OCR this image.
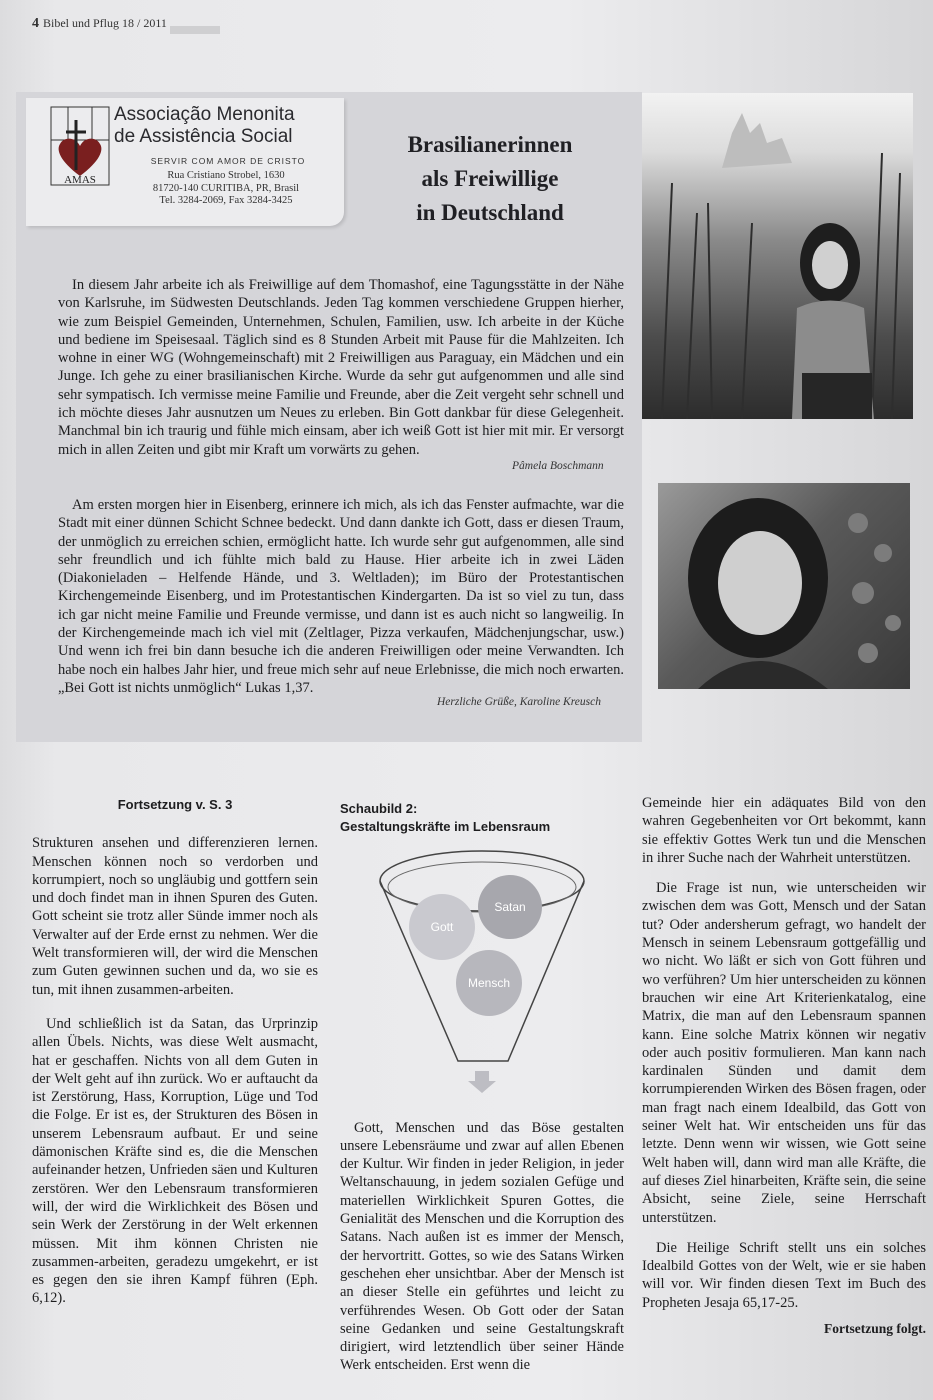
4 Bibel und Pflug 18 / 2011
AMAS
Associação Menonita
de Assistência Social
SERVIR COM AMOR DE CRISTO
Rua Cristiano Strobel, 1630
81720-140 CURITIBA, PR, Brasil
Tel. 3284-2069, Fax 3284-3425
Brasilianerinnen
als Freiwillige
in Deutschland
In diesem Jahr arbeite ich als Freiwillige auf dem Thomashof, eine Tagungsstätte in der Nähe von Karlsruhe, im Südwesten Deutschlands. Jeden Tag kommen verschiedene Gruppen hierher, wie zum Beispiel Gemeinden, Unternehmen, Schulen, Familien, usw. Ich arbeite in der Küche und bediene im Speisesaal. Täglich sind es 8 Stunden Arbeit mit Pause für die Mahlzeiten. Ich wohne in einer WG (Wohngemeinschaft) mit 2 Freiwilligen aus Paraguay, ein Mädchen und ein Junge. Ich gehe zu einer brasilianischen Kirche. Wurde da sehr gut aufgenommen und alle sind sehr sympatisch. Ich vermisse meine Familie und Freunde, aber die Zeit vergeht sehr schnell und ich möchte dieses Jahr ausnutzen um Neues zu erleben. Bin Gott dankbar für diese Gelegenheit. Manchmal bin ich traurig und fühle mich einsam, aber ich weiß Gott ist hier mit mir. Er versorgt mich in allen Zeiten und gibt mir Kraft um vorwärts zu gehen.
Pâmela Boschmann
Am ersten morgen hier in Eisenberg, erinnere ich mich, als ich das Fenster aufmachte, war die Stadt mit einer dünnen Schicht Schnee bedeckt. Und dann dankte ich Gott, dass er diesen Traum, der unmöglich zu erreichen schien, ermöglicht hatte. Ich wurde sehr gut aufgenommen, alle sind sehr freundlich und ich fühlte mich bald zu Hause. Hier arbeite ich in zwei Läden (Diakonieladen – Helfende Hände, und 3. Weltladen); im Büro der Protestantischen Kirchengemeinde Eisenberg, und im Protestantischen Kindergarten. Da ist so viel zu tun, dass ich gar nicht meine Familie und Freunde vermisse, und dann ist es auch nicht so langweilig. In der Kirchengemeinde mach ich viel mit (Zeltlager, Pizza verkaufen, Mädchenjungschar, usw.) Und wenn ich frei bin dann besuche ich die anderen Freiwilligen oder meine Verwandten. Ich habe noch ein halbes Jahr hier, und freue mich sehr auf neue Erlebnisse, die mich noch erwarten. „Bei Gott ist nichts unmöglich“ Lukas 1,37.
Herzliche Grüße, Karoline Kreusch
Fortsetzung v. S. 3

Strukturen ansehen und differenzieren lernen. Menschen können noch so verdorben und korrumpiert, noch so ungläubig und gottfern sein und doch findet man in ihnen Spuren des Guten. Gott scheint sie trotz aller Sünde immer noch als Verwalter auf der Erde ernst zu nehmen. Wer die Welt transformieren will, der wird die Menschen zum Guten gewinnen suchen und da, wo sie es tun, mit ihnen zusammen-arbeiten.

Und schließlich ist da Satan, das Urprinzip allen Übels. Nichts, was diese Welt ausmacht, hat er geschaffen. Nichts von all dem Guten in der Welt geht auf ihn zurück. Wo er auftaucht da ist Zerstörung, Hass, Korruption, Lüge und Tod die Folge. Er ist es, der Strukturen des Bösen in unserem Lebensraum aufbaut. Er und seine dämonischen Kräfte sind es, die die Menschen aufeinander hetzen, Unfrieden säen und Kulturen zerstören. Wer den Lebensraum transformieren will, der wird die Wirklichkeit des Bösen und sein Werk der Zerstörung in der Welt erkennen müssen. Mit ihm können Christen nie zusammen-arbeiten, geradezu umgekehrt, er ist es gegen den sie ihren Kampf führen (Eph. 6,12).

Schaubild 2:
Gestaltungskräfte im Lebensraum
Gott
Satan
Mensch

Gott, Menschen und das Böse gestalten unsere Lebensräume und zwar auf allen Ebenen der Kultur. Wir finden in jeder Religion, in jeder Weltanschauung, in jedem sozialen Gefüge und materiellen Wirklichkeit Spuren Gottes, die Genialität des Menschen und die Korruption des Satans. Nach außen ist es immer der Mensch, der hervortritt. Gottes, so wie des Satans Wirken geschehen eher unsichtbar. Aber der Mensch ist an dieser Stelle ein geführtes und leicht zu verführendes Wesen. Ob Gott oder der Satan seine Gedanken und seine Gestaltungskraft dirigiert, wird letztendlich über seiner Hände Werk entscheiden. Erst wenn die

Gemeinde hier ein adäquates Bild von den wahren Gegebenheiten vor Ort bekommt, kann sie effektiv Gottes Werk tun und die Menschen in ihrer Suche nach der Wahrheit unterstützen.

Die Frage ist nun, wie unterscheiden wir zwischen dem was Gott, Mensch und der Satan tut? Oder andersherum gefragt, wo handelt der Mensch in seinem Lebensraum gottgefällig und wo nicht. Wo läßt er sich von Gott führen und wo verführen? Um hier unterscheiden zu können brauchen wir eine Art Kriterienkatalog, eine Matrix, die man auf den Lebensraum spannen kann. Eine solche Matrix können wir negativ oder auch positiv formulieren. Man kann nach kardinalen Sünden und damit dem korrumpierenden Wirken des Bösen fragen, oder man fragt nach einem Idealbild, das Gott von seiner Welt hat. Wir entscheiden uns für das letzte. Denn wenn wir wissen, wie Gott seine Welt haben will, dann wird man alle Kräfte, die auf dieses Ziel hinarbeiten, Kräfte sein, die seine Absicht, seine Ziele, seine Herrschaft unterstützen.

Die Heilige Schrift stellt uns ein solches Idealbild Gottes von der Welt, wie er sie haben will vor. Wir finden diesen Text im Buch des Propheten Jesaja 65,17-25.

Fortsetzung folgt.
